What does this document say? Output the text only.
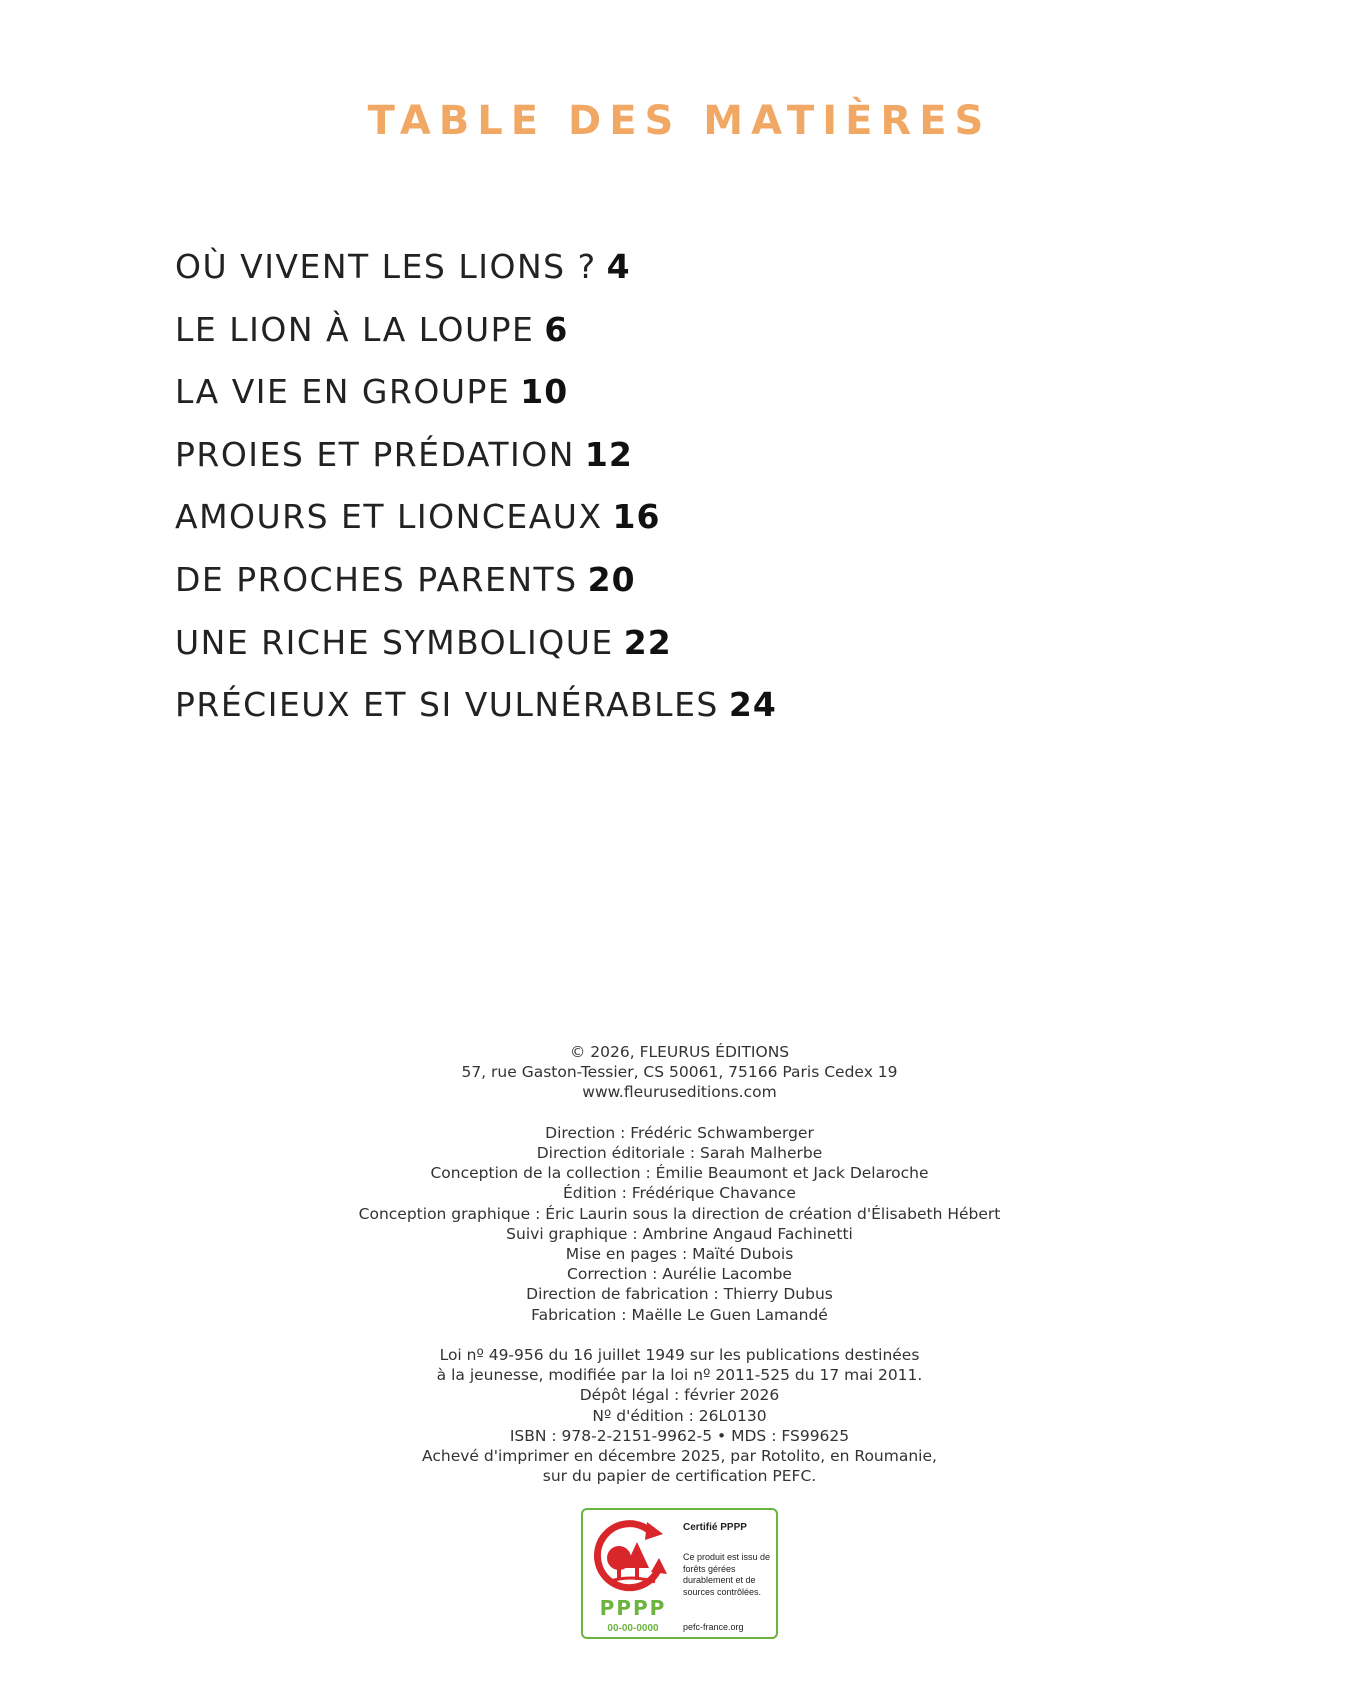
TABLE DES MATIÈRES
OÙ VIVENT LES LIONS ? 4
LE LION À LA LOUPE 6
LA VIE EN GROUPE 10
PROIES ET PRÉDATION 12
AMOURS ET LIONCEAUX 16
DE PROCHES PARENTS 20
UNE RICHE SYMBOLIQUE 22
PRÉCIEUX ET SI VULNÉRABLES 24
© 2026, FLEURUS ÉDITIONS
57, rue Gaston-Tessier, CS 50061, 75166 Paris Cedex 19
www.fleuruseditions.com
Direction : Frédéric Schwamberger
Direction éditoriale : Sarah Malherbe
Conception de la collection : Émilie Beaumont et Jack Delaroche
Édition : Frédérique Chavance
Conception graphique : Éric Laurin sous la direction de création d'Élisabeth Hébert
Suivi graphique : Ambrine Angaud Fachinetti
Mise en pages : Maïté Dubois
Correction : Aurélie Lacombe
Direction de fabrication : Thierry Dubus
Fabrication : Maëlle Le Guen Lamandé
Loi nº 49-956 du 16 juillet 1949 sur les publications destinées
à la jeunesse, modifiée par la loi nº 2011-525 du 17 mai 2011.
Dépôt légal : février 2026
Nº d'édition : 26L0130
ISBN : 978-2-2151-9962-5 • MDS : FS99625
Achevé d'imprimer en décembre 2025, par Rotolito, en Roumanie,
sur du papier de certification PEFC.
PPPP
00-00-0000
Certifié PPPP
Ce produit est issu de forêts gérées durablement et de sources contrôlées.
pefc-france.org
